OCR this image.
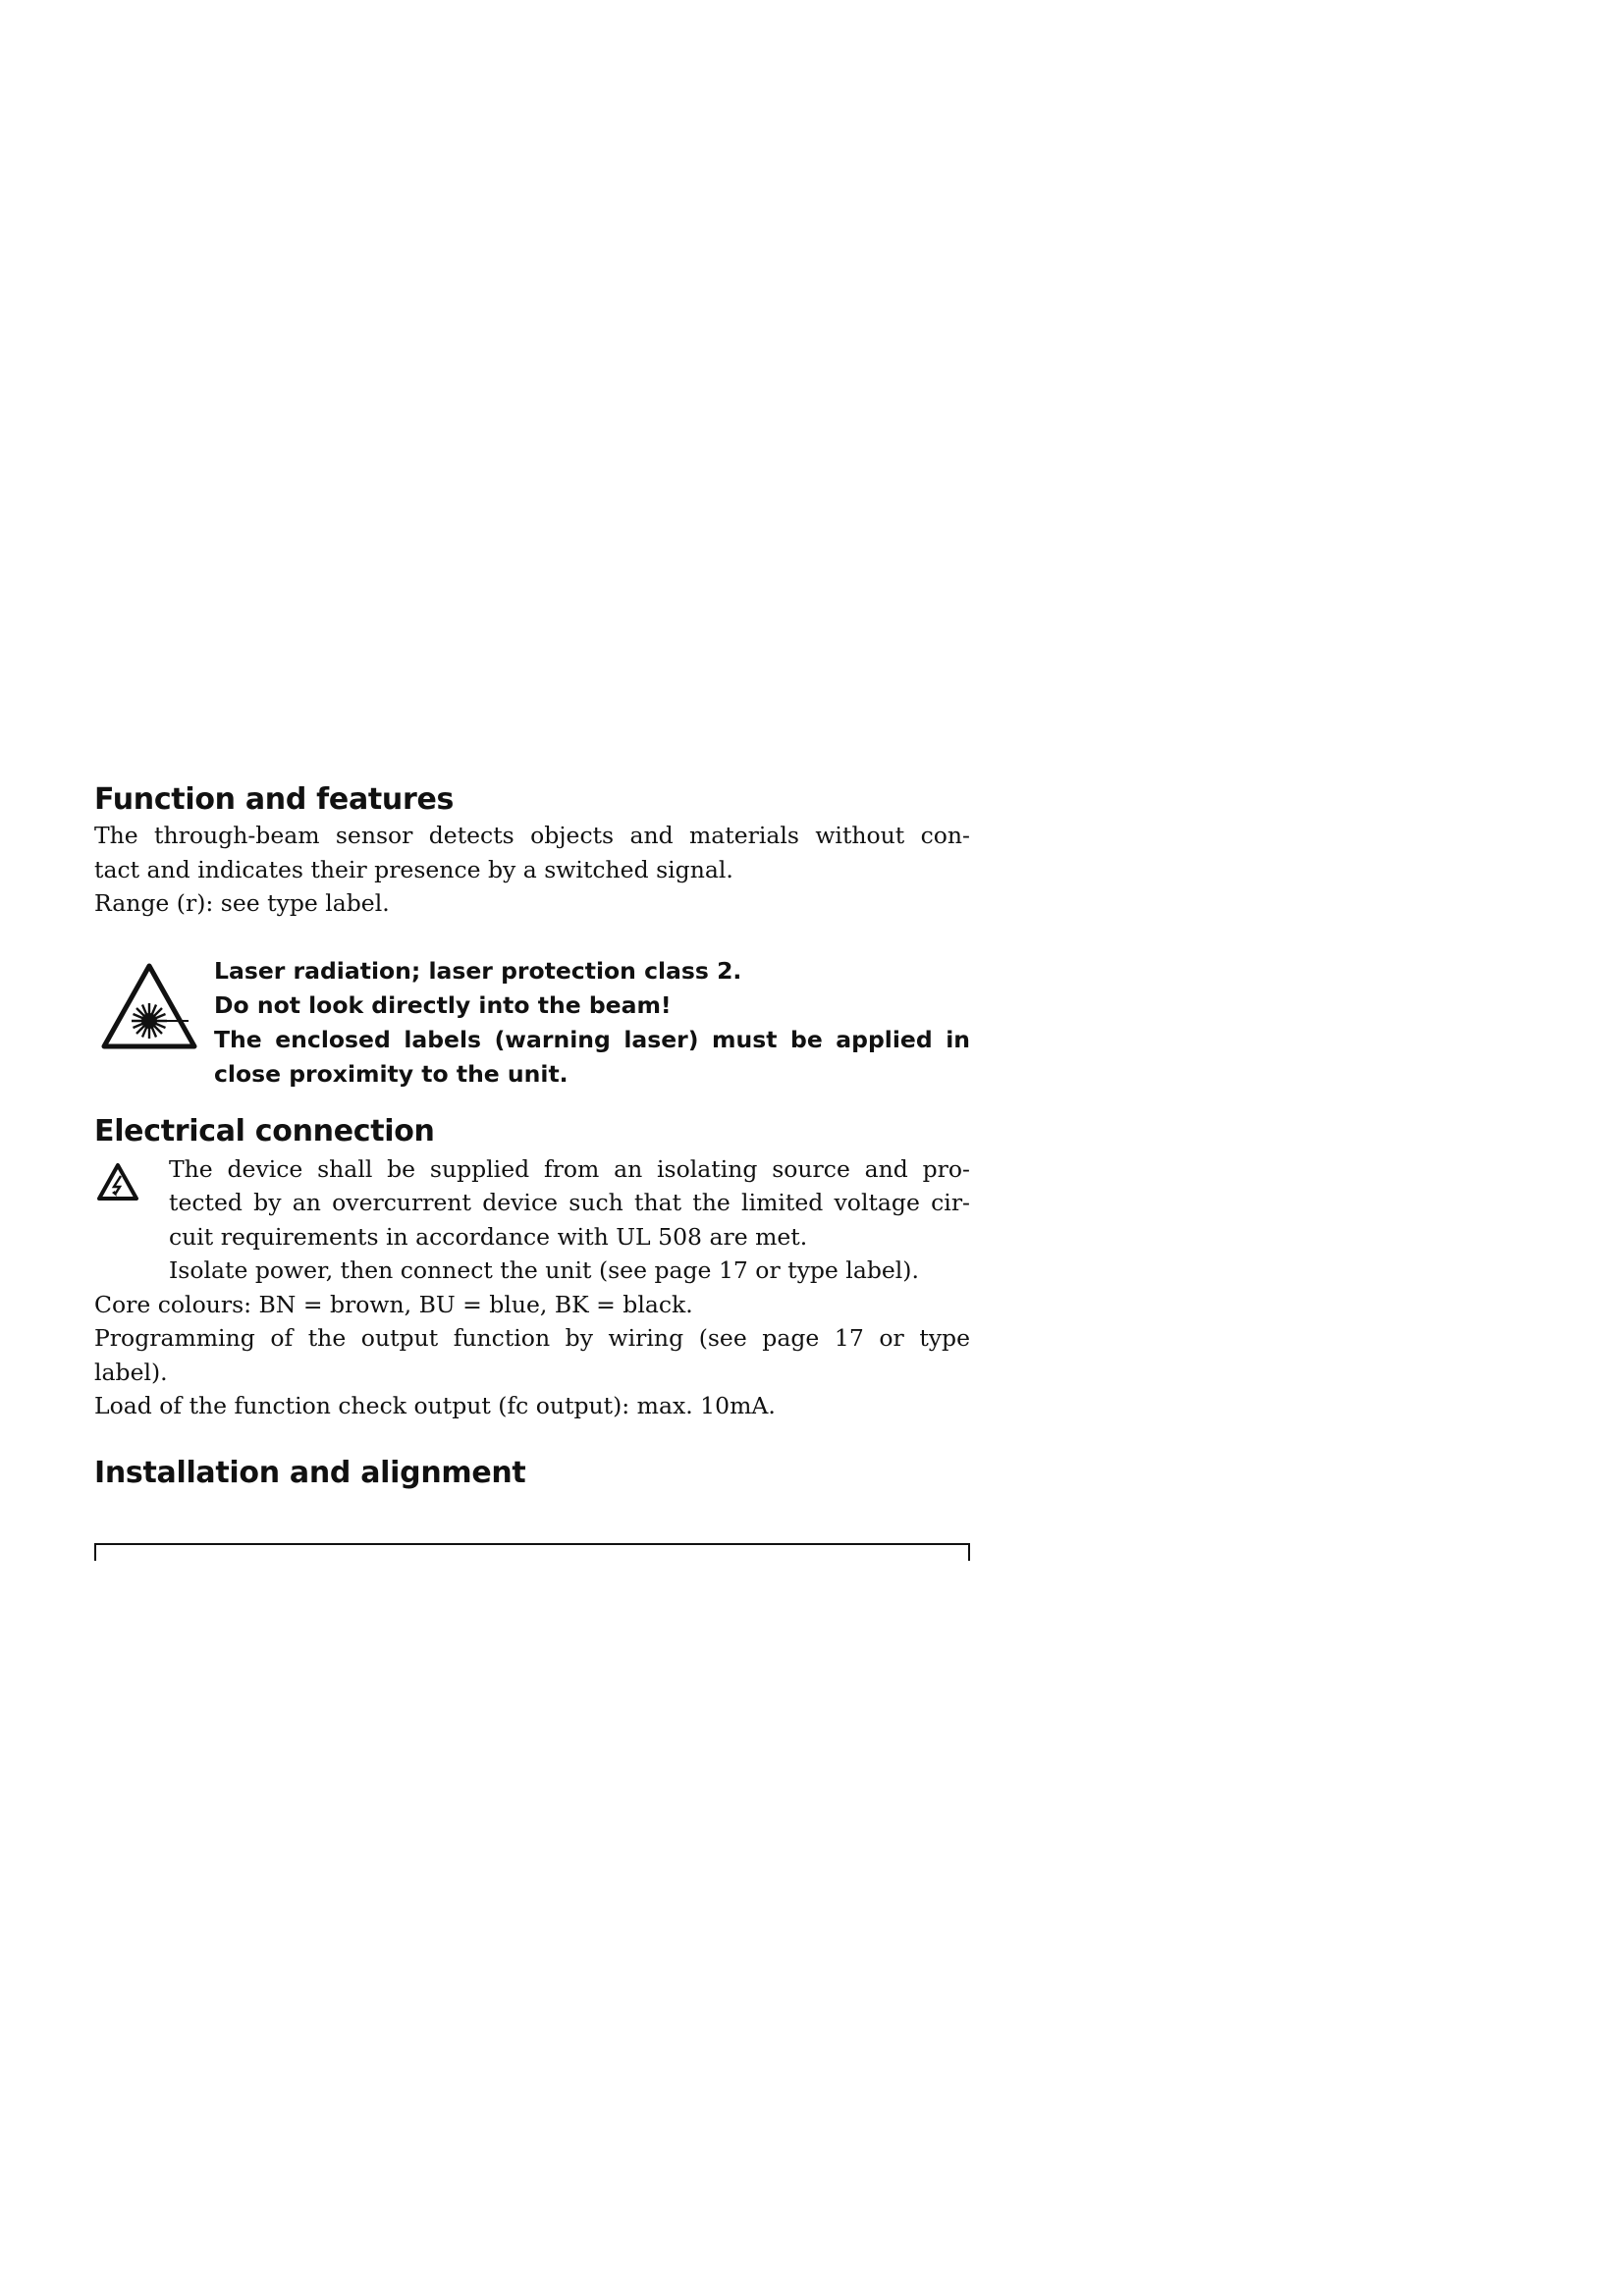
Function and features
The through-beam sensor detects objects and materials without con-
tact and indicates their presence by a switched signal.
Range (r): see type label.
Laser radiation; laser protection class 2.
Do not look directly into the beam!
The enclosed labels (warning laser) must be applied in
close proximity to the unit.
Electrical connection
The device shall be supplied from an isolating source and pro-
tected by an overcurrent device such that the limited voltage cir-
cuit requirements in accordance with UL 508 are met.
Isolate power, then connect the unit (see page 17 or type label).
Core colours: BN = brown, BU = blue, BK = black.
Programming of the output function by wiring (see page 17 or type
label).
Load of the function check output (fc output): max. 10mA.
Installation and alignment
